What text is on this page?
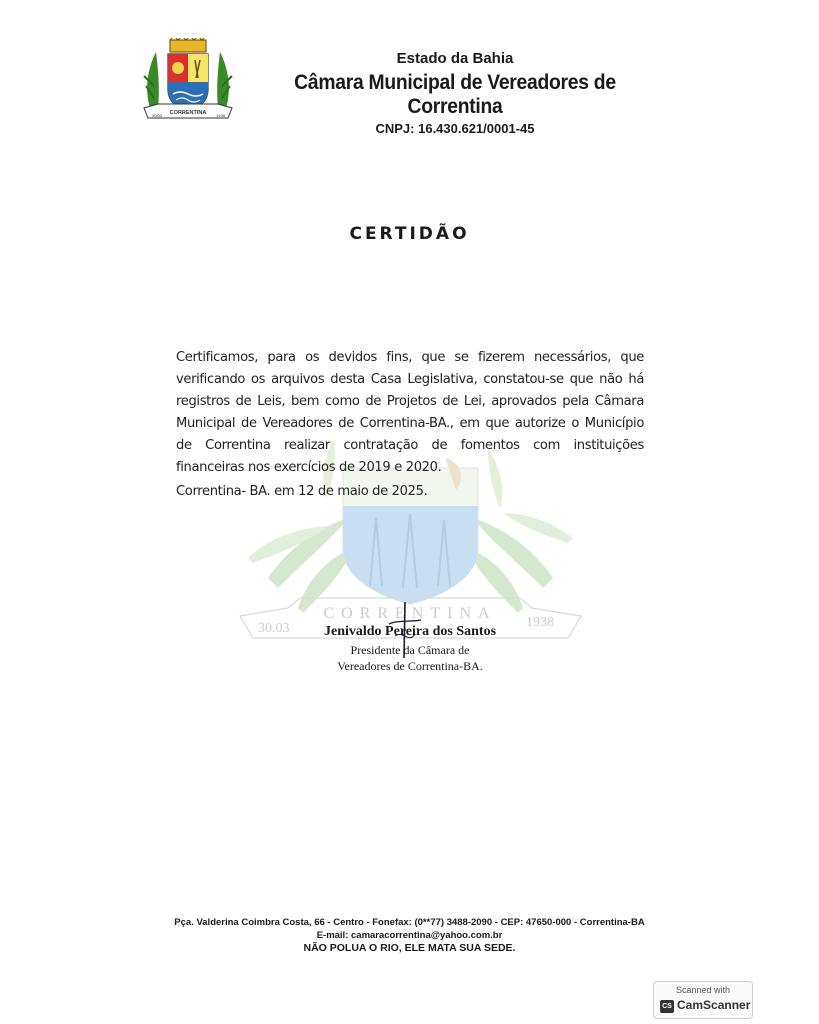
CORRENTINA
30/03	1938

Estado da Bahia

Câmara Municipal de Vereadores de Correntina

CNPJ: 16.430.621/0001-45

CERTIDÃO
CORRENTINA
30.03	1938
Certificamos, para os devidos fins, que se fizerem necessários, que verificando os arquivos desta Casa Legislativa, constatou-se que não há registros de Leis, bem como de Projetos de Lei, aprovados pela Câmara Municipal de Vereadores de Correntina-BA., em que autorize o Município de Correntina realizar contratação de fomentos com instituições financeiras nos exercícios de 2019 e 2020.
Correntina- BA. em 12 de maio de 2025.

Jenivaldo Pereira dos Santos

Presidente da Câmara de

Vereadores de Correntina-BA.

Pça. Valderina Coimbra Costa, 66 - Centro - Fonefax: (0**77) 3488-2090 - CEP: 47650-000 - Correntina-BA

E-mail: camaracorrentina@yahoo.com.br

NÃO POLUA O RIO, ELE MATA SUA SEDE.

Scanned with
CS CamScanner
